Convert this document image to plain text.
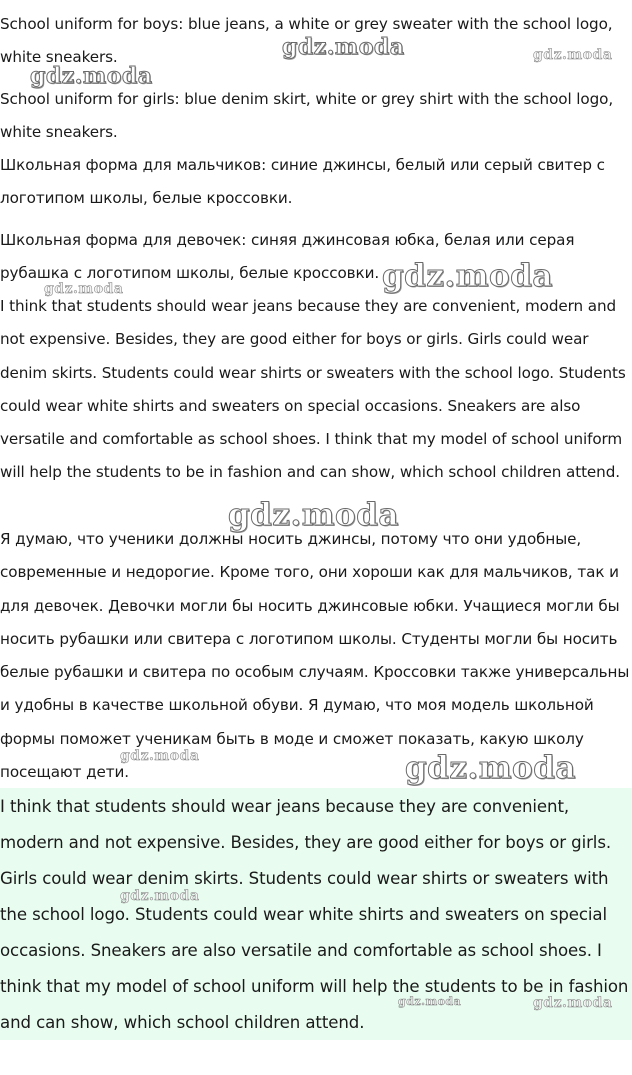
School uniform for boys: blue jeans, a white or grey sweater with the school logo, white sneakers.

School uniform for girls: blue denim skirt, white or grey shirt with the school logo, white sneakers.

Школьная форма для мальчиков: синие джинсы, белый или серый свитер с логотипом школы, белые кроссовки.

Школьная форма для девочек: синяя джинсовая юбка, белая или серая рубашка с логотипом школы, белые кроссовки.

I think that students should wear jeans because they are convenient, modern and not expensive. Besides, they are good either for boys or girls. Girls could wear denim skirts. Students could wear shirts or sweaters with the school logo. Students could wear white shirts and sweaters on special occasions. Sneakers are also versatile and comfortable as school shoes. I think that my model of school uniform will help the students to be in fashion and can show, which school children attend.

Я думаю, что ученики должны носить джинсы, потому что они удобные, современные и недорогие. Кроме того, они хороши как для мальчиков, так и для девочек. Девочки могли бы носить джинсовые юбки. Учащиеся могли бы носить рубашки или свитера с логотипом школы. Студенты могли бы носить белые рубашки и свитера по особым случаям. Кроссовки также универсальны и удобны в качестве школьной обуви. Я думаю, что моя модель школьной формы поможет ученикам быть в моде и сможет показать, какую школу посещают дети.

I think that students should wear jeans because they are convenient, modern and not expensive. Besides, they are good either for boys or girls. Girls could wear denim skirts. Students could wear shirts or sweaters with the school logo. Students could wear white shirts and sweaters on special occasions. Sneakers are also versatile and comfortable as school shoes. I think that my model of school uniform will help the students to be in fashion and can show, which school children attend.

gdz.moda	gdz.moda
gdz.moda
gdz.moda
gdz.moda
gdz.moda
gdz.moda	gdz.moda
gdz.moda
gdz.moda	gdz.moda
